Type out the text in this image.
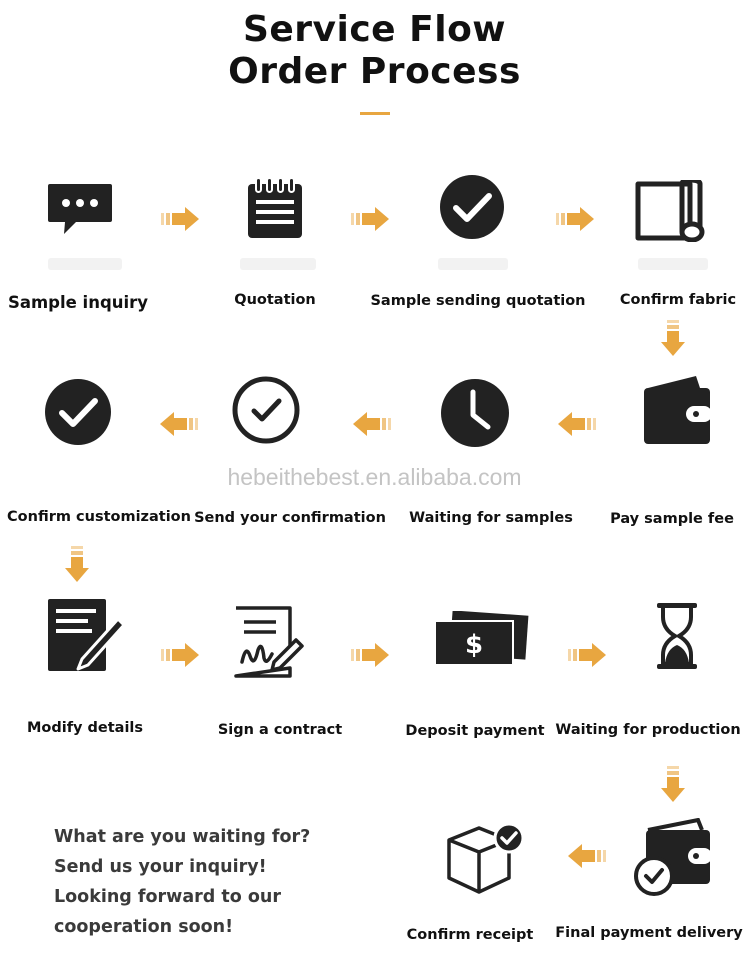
Service Flow
Order Process
$
Sample inquiry	Quotation	Sample sending quotation Confirm fabric
Pay sample fee
Waiting for samples
Send your confirmation
Confirm customization
Modify details	Sign a contract	Deposit payment Waiting for production
Final payment delivery
Confirm receipt
hebeithebest.en.alibaba.com
What are you waiting for?
Send us your inquiry!
Looking forward to our
cooperation soon!
